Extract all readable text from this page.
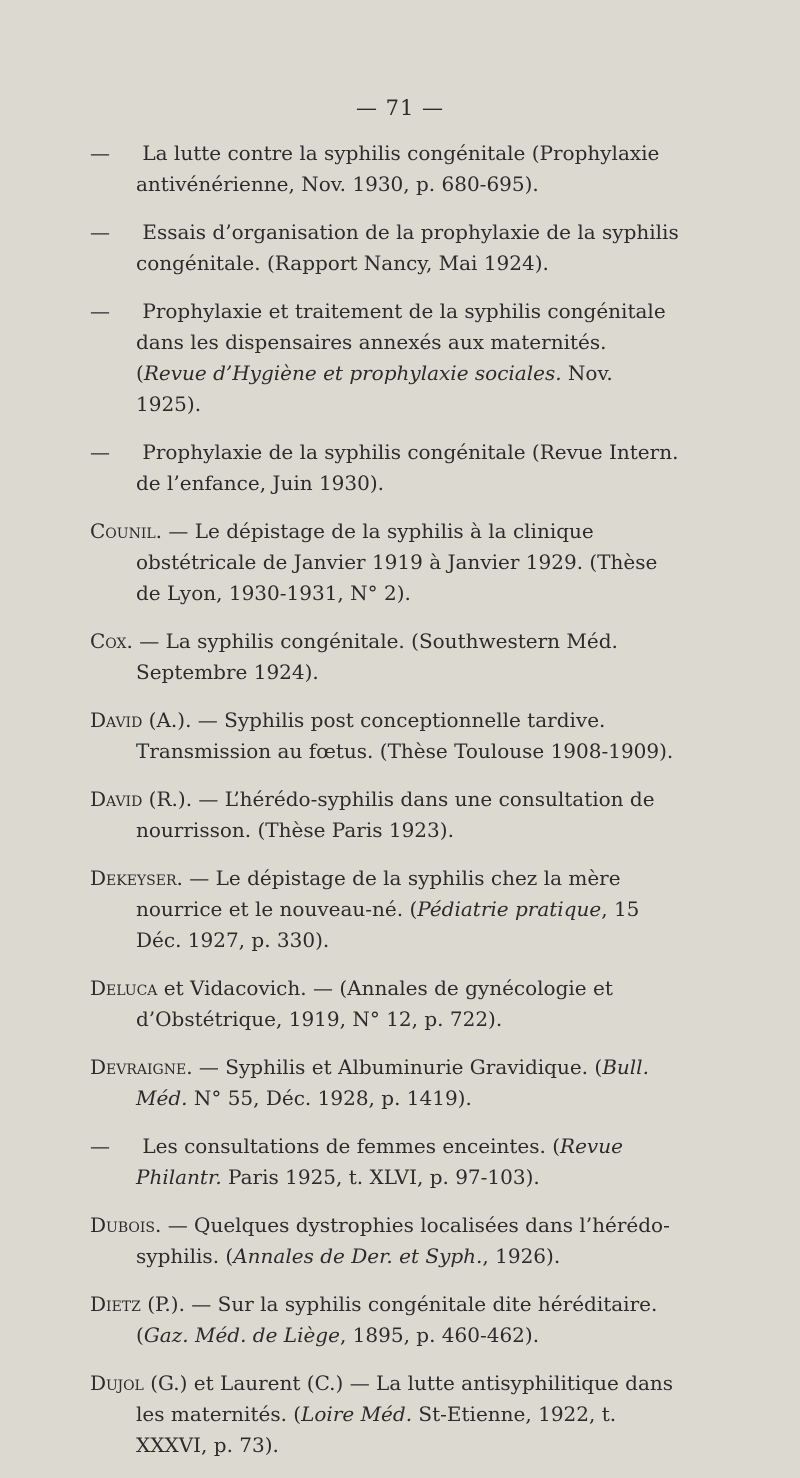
— 71 —

— La lutte contre la syphilis congénitale (Prophylaxie antivénérienne, Nov. 1930, p. 680-695).

— Essais d’organisation de la prophylaxie de la syphilis congénitale. (Rapport Nancy, Mai 1924).

— Prophylaxie et traitement de la syphilis congénitale dans les dispensaires annexés aux maternités. (Revue d’Hygiène et prophylaxie sociales. Nov. 1925).

— Prophylaxie de la syphilis congénitale (Revue Intern. de l’enfance, Juin 1930).

Counil. — Le dépistage de la syphilis à la clinique obstétricale de Janvier 1919 à Janvier 1929. (Thèse de Lyon, 1930-1931, N° 2).

Cox. — La syphilis congénitale. (Southwestern Méd. Septembre 1924).

David (A.). — Syphilis post conceptionnelle tardive. Transmission au fœtus. (Thèse Toulouse 1908-1909).

David (R.). — L’hérédo-syphilis dans une consultation de nourrisson. (Thèse Paris 1923).

Dekeyser. — Le dépistage de la syphilis chez la mère nourrice et le nouveau-né. (Pédiatrie pratique, 15 Déc. 1927, p. 330).

Deluca et Vidacovich. — (Annales de gynécologie et d’Obstétrique, 1919, N° 12, p. 722).

Devraigne. — Syphilis et Albuminurie Gravidique. (Bull. Méd. N° 55, Déc. 1928, p. 1419).

— Les consultations de femmes enceintes. (Revue Philantr. Paris 1925, t. XLVI, p. 97-103).

Dubois. — Quelques dystrophies localisées dans l’hérédo-syphilis. (Annales de Der. et Syph., 1926).

Dietz (P.). — Sur la syphilis congénitale dite héréditaire. (Gaz. Méd. de Liège, 1895, p. 460-462).

Dujol (G.) et Laurent (C.) — La lutte antisyphilitique dans les maternités. (Loire Méd. St-Etienne, 1922, t. XXXVI, p. 73).
